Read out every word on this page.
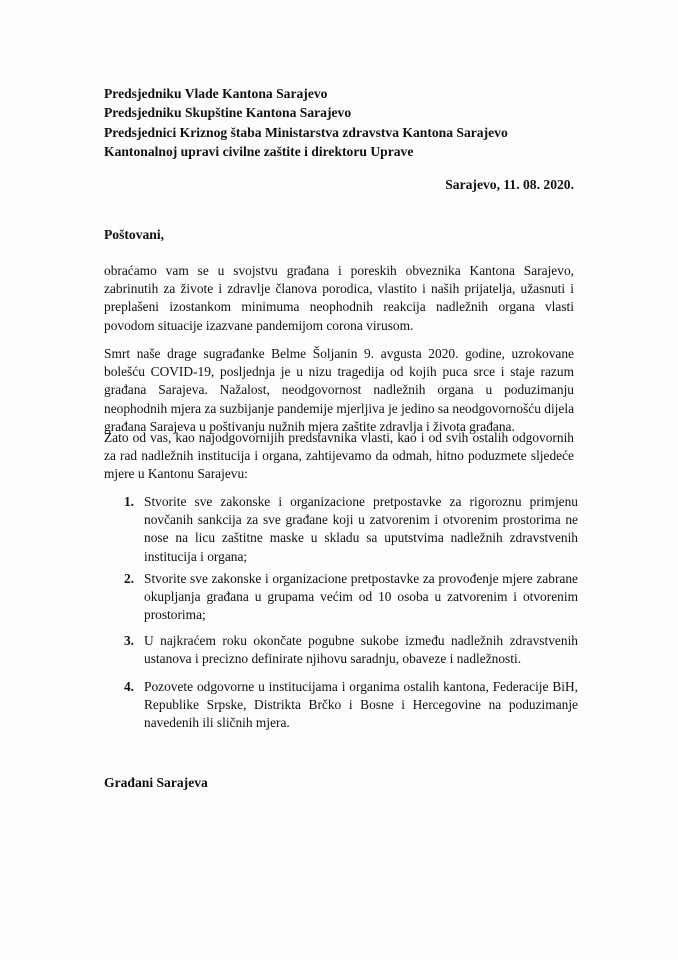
Predsjedniku Vlade Kantona Sarajevo
Predsjedniku Skupštine Kantona Sarajevo
Predsjednici Kriznog štaba Ministarstva zdravstva Kantona Sarajevo
Kantonalnoj upravi civilne zaštite i direktoru Uprave
Sarajevo, 11. 08. 2020.
Poštovani,

obraćamo vam se u svojstvu građana i poreskih obveznika Kantona Sarajevo, zabrinutih za živote i zdravlje članova porodica, vlastito i naših prijatelja, užasnuti i preplašeni izostankom minimuma neophodnih reakcija nadležnih organa vlasti povodom situacije izazvane pandemijom corona virusom.

Smrt naše drage sugrađanke Belme Šoljanin 9. avgusta 2020. godine, uzrokovane bolešću COVID-19, posljednja je u nizu tragedija od kojih puca srce i staje razum građana Sarajeva. Nažalost, neodgovornost nadležnih organa u poduzimanju neophodnih mjera za suzbijanje pandemije mjerljiva je jedino sa neodgovornošću dijela građana Sarajeva u poštivanju nužnih mjera zaštite zdravlja i života građana.

Zato od vas, kao najodgovornijih predstavnika vlasti, kao i od svih ostalih odgovornih za rad nadležnih institucija i organa, zahtijevamo da odmah, hitno poduzmete sljedeće mjere u Kantonu Sarajevu:

1. Stvorite sve zakonske i organizacione pretpostavke za rigoroznu primjenu novčanih sankcija za sve građane koji u zatvorenim i otvorenim prostorima ne nose na licu zaštitne maske u skladu sa uputstvima nadležnih zdravstvenih institucija i organa;
2. Stvorite sve zakonske i organizacione pretpostavke za provođenje mjere zabrane okupljanja građana u grupama većim od 10 osoba u zatvorenim i otvorenim prostorima;
3. U najkraćem roku okončate pogubne sukobe između nadležnih zdravstvenih ustanova i precizno definirate njihovu saradnju, obaveze i nadležnosti.
4. Pozovete odgovorne u institucijama i organima ostalih kantona, Federacije BiH, Republike Srpske, Distrikta Brčko i Bosne i Hercegovine na poduzimanje navedenih ili sličnih mjera.
Građani Sarajeva
